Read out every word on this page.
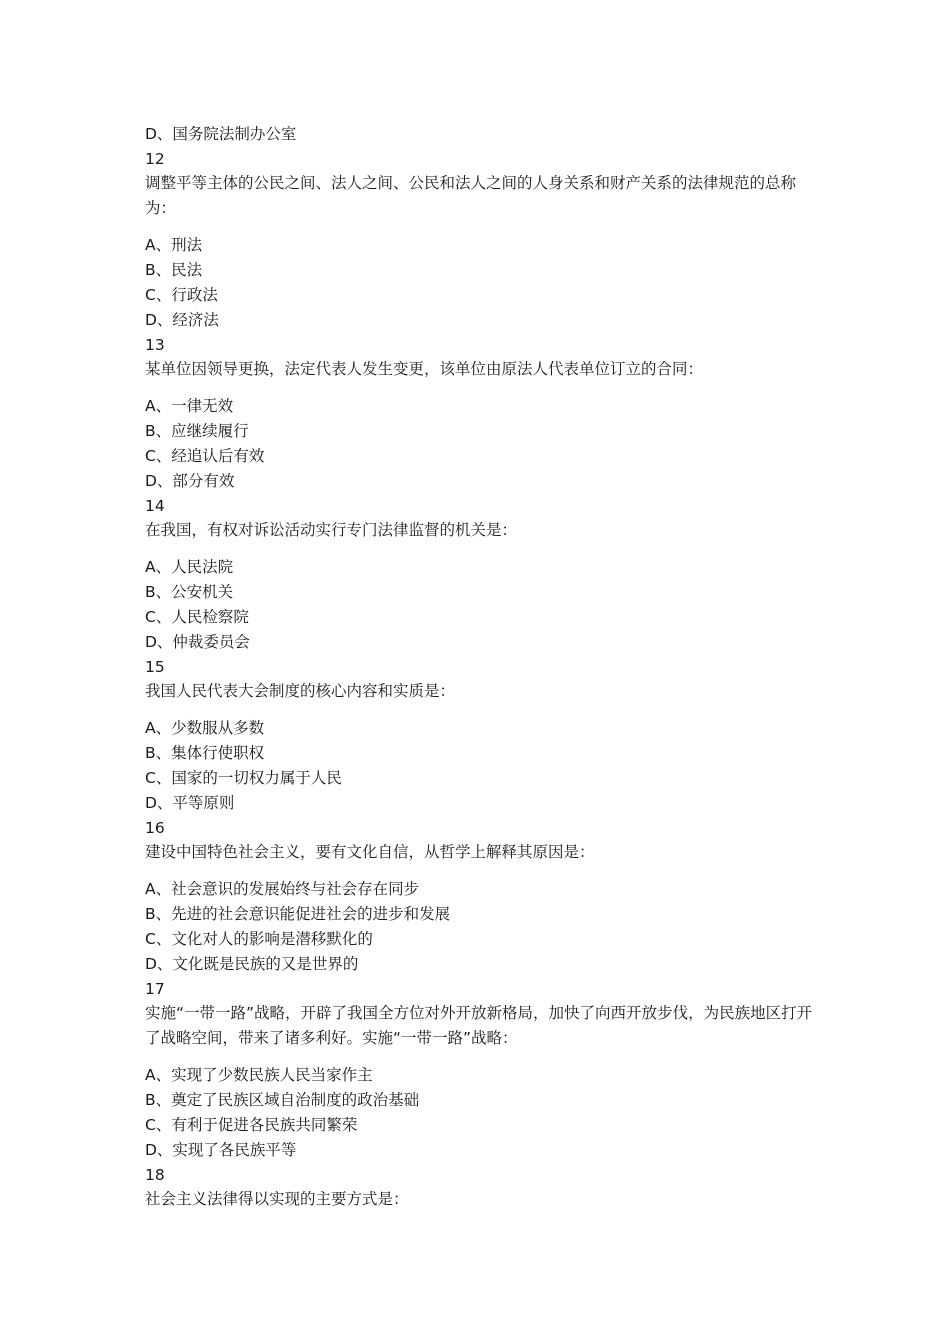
D、国务院法制办公室
12
调整平等主体的公民之间、法人之间、公民和法人之间的人身关系和财产关系的法律规范的总称为：
A、刑法
B、民法
C、行政法
D、经济法
13
某单位因领导更换，法定代表人发生变更，该单位由原法人代表单位订立的合同：
A、一律无效
B、应继续履行
C、经追认后有效
D、部分有效
14
在我国，有权对诉讼活动实行专门法律监督的机关是：
A、人民法院
B、公安机关
C、人民检察院
D、仲裁委员会
15
我国人民代表大会制度的核心内容和实质是：
A、少数服从多数
B、集体行使职权
C、国家的一切权力属于人民
D、平等原则
16
建设中国特色社会主义，要有文化自信，从哲学上解释其原因是：
A、社会意识的发展始终与社会存在同步
B、先进的社会意识能促进社会的进步和发展
C、文化对人的影响是潜移默化的
D、文化既是民族的又是世界的
17
实施“一带一路”战略，开辟了我国全方位对外开放新格局，加快了向西开放步伐，为民族地区打开了战略空间，带来了诸多利好。实施“一带一路”战略：
A、实现了少数民族人民当家作主
B、奠定了民族区域自治制度的政治基础
C、有利于促进各民族共同繁荣
D、实现了各民族平等
18
社会主义法律得以实现的主要方式是：
